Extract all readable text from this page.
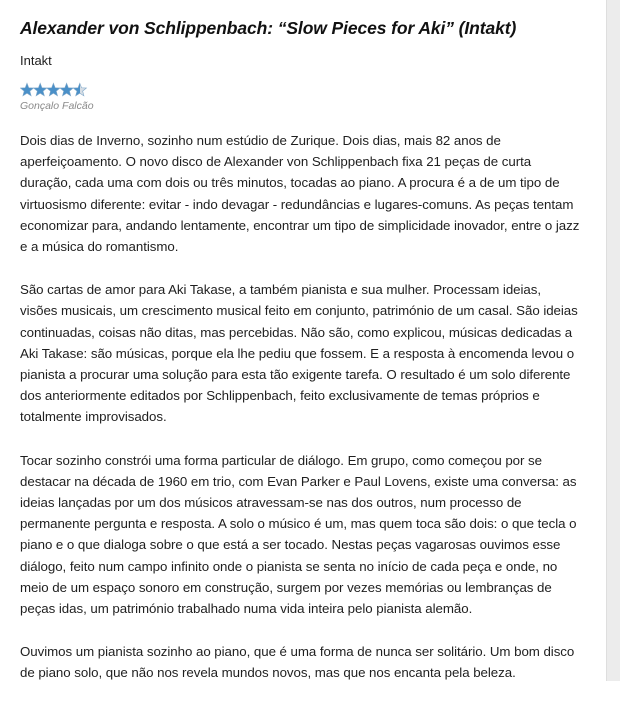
Alexander von Schlippenbach: “Slow Pieces for Aki” (Intakt)
Intakt
Gonçalo Falcão

Dois dias de Inverno, sozinho num estúdio de Zurique. Dois dias, mais 82 anos de aperfeiçoamento. O novo disco de Alexander von Schlippenbach fixa 21 peças de curta duração, cada uma com dois ou três minutos, tocadas ao piano. A procura é a de um tipo de virtuosismo diferente: evitar - indo devagar - redundâncias e lugares-comuns. As peças tentam economizar para, andando lentamente, encontrar um tipo de simplicidade inovador, entre o jazz e a música do romantismo.

São cartas de amor para Aki Takase, a também pianista e sua mulher. Processam ideias, visões musicais, um crescimento musical feito em conjunto, património de um casal. São ideias continuadas, coisas não ditas, mas percebidas. Não são, como explicou, músicas dedicadas a Aki Takase: são músicas, porque ela lhe pediu que fossem. E a resposta à encomenda levou o pianista a procurar uma solução para esta tão exigente tarefa. O resultado é um solo diferente dos anteriormente editados por Schlippenbach, feito exclusivamente de temas próprios e totalmente improvisados.

Tocar sozinho constrói uma forma particular de diálogo. Em grupo, como começou por se destacar na década de 1960 em trio, com Evan Parker e Paul Lovens, existe uma conversa: as ideias lançadas por um dos músicos atravessam-se nas dos outros, num processo de permanente pergunta e resposta. A solo o músico é um, mas quem toca são dois: o que tecla o piano e o que dialoga sobre o que está a ser tocado. Nestas peças vagarosas ouvimos esse diálogo, feito num campo infinito onde o pianista se senta no início de cada peça e onde, no meio de um espaço sonoro em construção, surgem por vezes memórias ou lembranças de peças idas, um património trabalhado numa vida inteira pelo pianista alemão.

Ouvimos um pianista sozinho ao piano, que é uma forma de nunca ser solitário. Um bom disco de piano solo, que não nos revela mundos novos, mas que nos encanta pela beleza.
